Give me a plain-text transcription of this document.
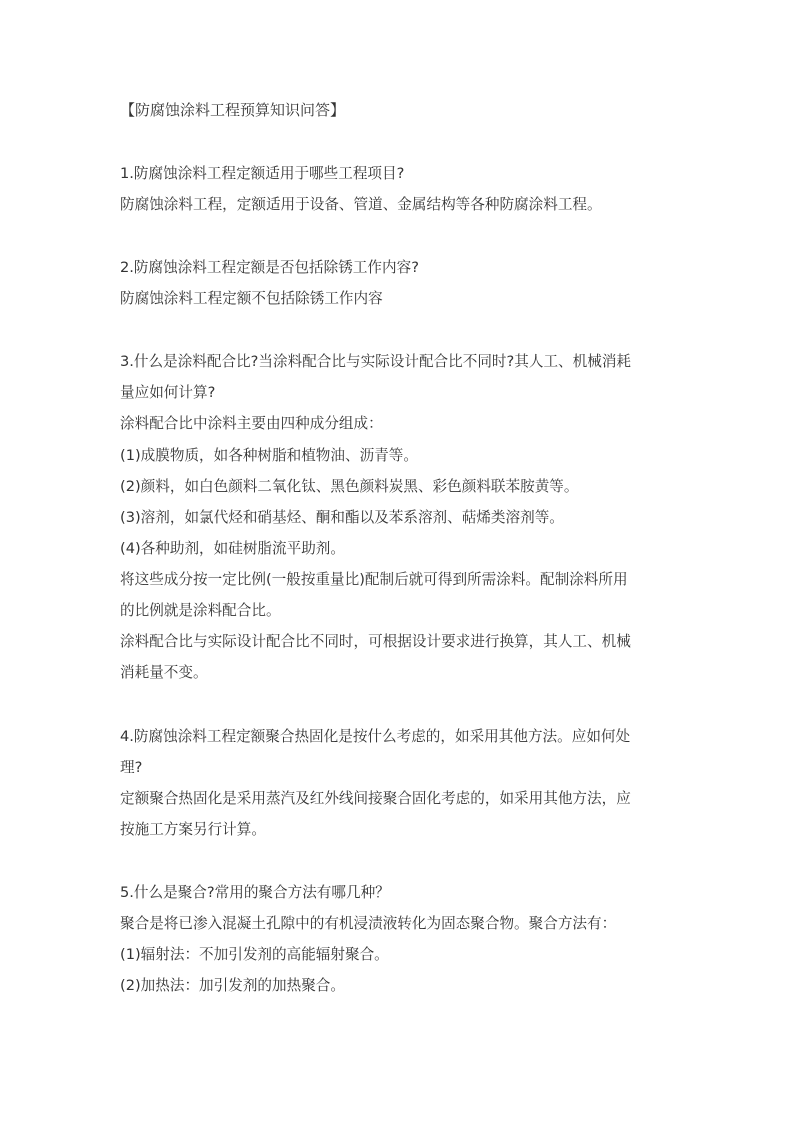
【防腐蚀涂料工程预算知识问答】
1.防腐蚀涂料工程定额适用于哪些工程项目?
防腐蚀涂料工程，定额适用于设备、管道、金属结构等各种防腐涂料工程。
2.防腐蚀涂料工程定额是否包括除锈工作内容?
防腐蚀涂料工程定额不包括除锈工作内容
3.什么是涂料配合比?当涂料配合比与实际设计配合比不同时?其人工、机械消耗
量应如何计算?
涂料配合比中涂料主要由四种成分组成：
(1)成膜物质，如各种树脂和植物油、沥青等。
(2)颜料，如白色颜料二氧化钛、黑色颜料炭黑、彩色颜料联苯胺黄等。
(3)溶剂，如氯代烃和硝基烃、酮和酯以及苯系溶剂、萜烯类溶剂等。
(4)各种助剂，如硅树脂流平助剂。
将这些成分按一定比例(一般按重量比)配制后就可得到所需涂料。配制涂料所用
的比例就是涂料配合比。
涂料配合比与实际设计配合比不同时，可根据设计要求进行换算，其人工、机械
消耗量不变。
4.防腐蚀涂料工程定额聚合热固化是按什么考虑的，如采用其他方法。应如何处
理?
定额聚合热固化是采用蒸汽及红外线间接聚合固化考虑的，如采用其他方法，应
按施工方案另行计算。
5.什么是聚合?常用的聚合方法有哪几种？
聚合是将已渗入混凝土孔隙中的有机浸渍液转化为固态聚合物。聚合方法有：
(1)辐射法：不加引发剂的高能辐射聚合。
(2)加热法：加引发剂的加热聚合。
